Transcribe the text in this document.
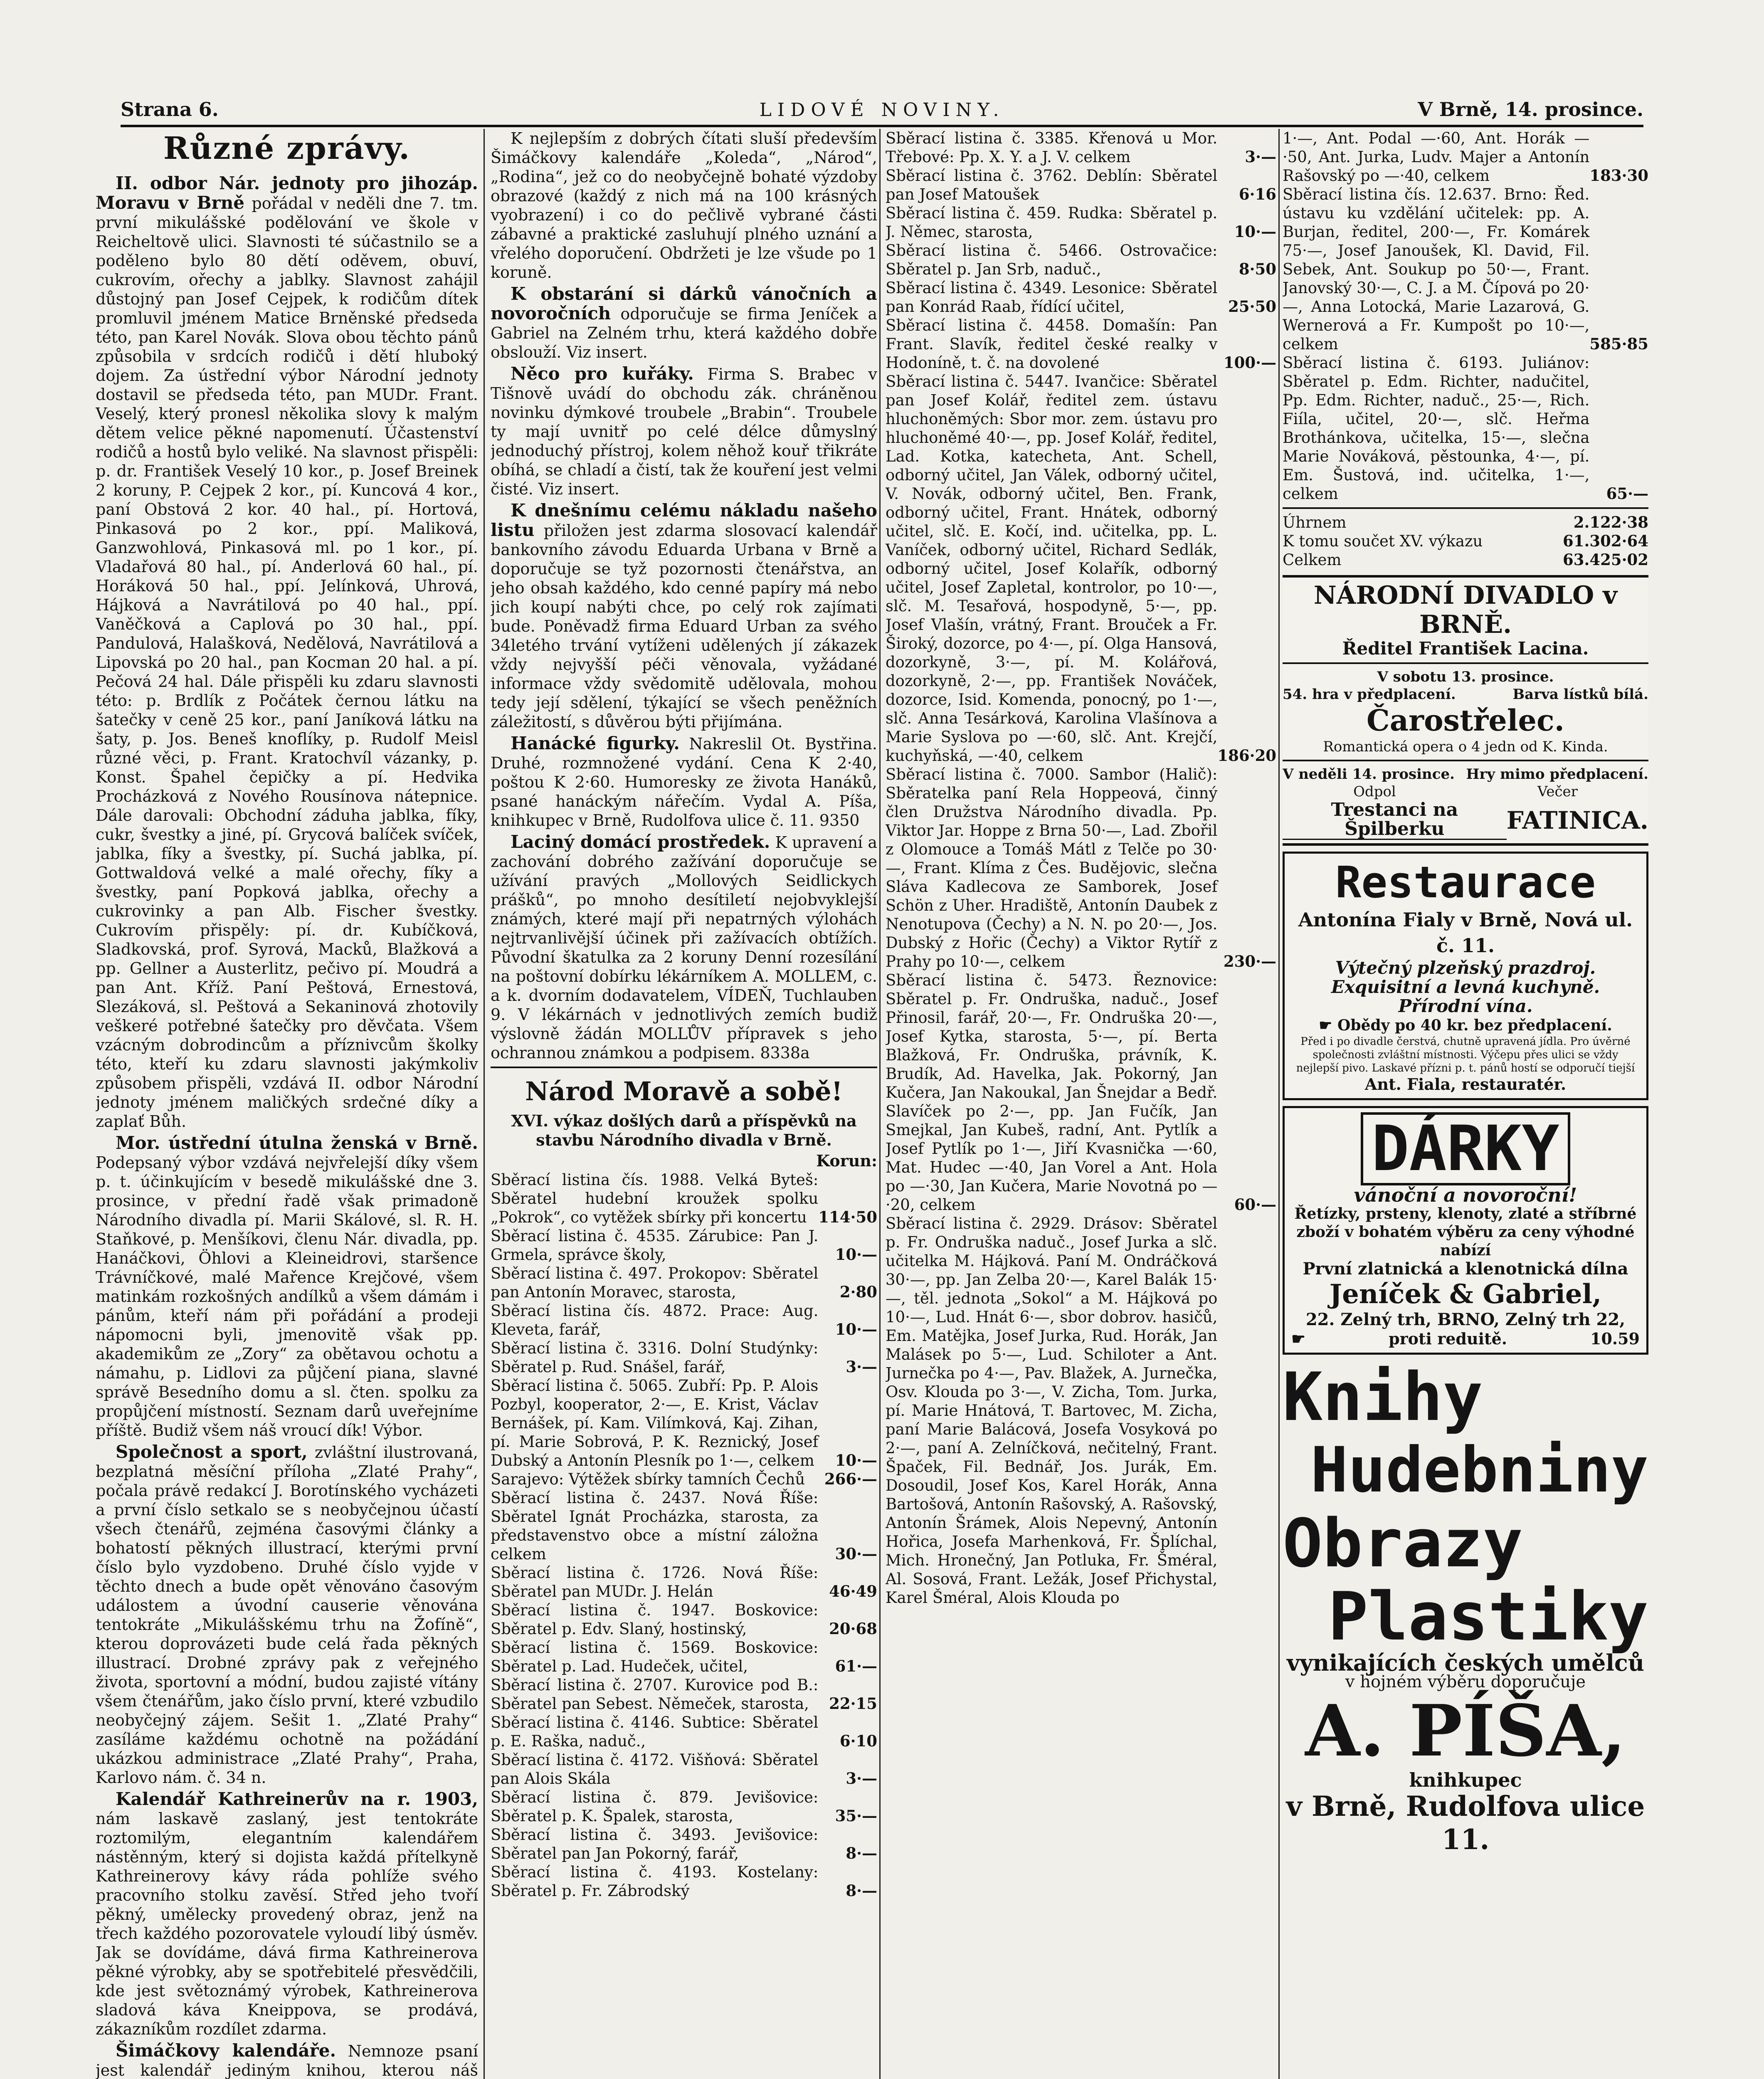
Strana 6.	LIDOVÉ NOVINY.	V Brně, 14. prosince.
Různé zprávy.

II. odbor Nár. jednoty pro jihozáp. Moravu v Brně pořádal v neděli dne 7. tm. první mikulášské podělování ve škole v Reicheltově ulici. Slavnosti té súčastnilo se a podělenо bylo 80 dětí oděvem, obuví, cukrovím, ořechy a jablky. Slavnost zahájil důstojný pan Josef Cejpek, k rodičům dítek promluvil jménem Matice Brněnské předseda této, pan Karel Novák. Slova obou těchto pánů způsobila v srdcích rodičů i dětí hluboký dojem. Za ústřední výbor Národní jednoty dostavil se předseda této, pan MUDr. Frant. Veselý, který pronesl několika slovy k malým dětem velice pěkné napomenutí. Účastenství rodičů a hostů bylo veliké. Na slavnost přispěli: p. dr. František Veselý 10 kor., p. Josef Breinek 2 koruny, P. Cejpek 2 kor., pí. Kuncová 4 kor., paní Obstová 2 kor. 40 hal., pí. Hortová, Pinkasová po 2 kor., ppí. Maliková, Ganzwohlová, Pinkasová ml. po 1 kor., pí. Vladařová 80 hal., pí. Anderlová 60 hal., pí. Horáková 50 hal., ppí. Jelínková, Uhrová, Hájková a Navrátilová po 40 hal., ppí. Vaněčková a Caplová po 30 hal., ppí. Pandulová, Halašková, Nedělová, Navrátilová a Lipovská po 20 hal., pan Kocman 20 hal. a pí. Pečová 24 hal. Dále přispěli ku zdaru slavnosti této: p. Brdlík z Počátek černou látku na šatečky v ceně 25 kor., paní Janíková látku na šaty, p. Jos. Beneš knoflíky, p. Rudolf Meisl různé věci, p. Frant. Kratochvíl vázanky, p. Konst. Špahel čepičky a pí. Hedvika Procházková z Nového Rousínova nátepnice. Dále darovali: Obchodní záduha jablka, fíky, cukr, švestky a jiné, pí. Grycová balíček svíček, jablka, fíky a švestky, pí. Suchá jablka, pí. Gottwaldová velké a malé ořechy, fíky a švestky, paní Popková jablka, ořechy a cukrovinky a pan Alb. Fischer švestky. Cukrovím přispěly: pí. dr. Kubíčková, Sladkovská, prof. Syrová, Macků, Blažková a pp. Gellner a Austerlitz, pečivo pí. Moudrá a pan Ant. Kříž. Paní Peštová, Ernestová, Slezáková, sl. Peštová a Sekaninová zhotovily veškeré potřebné šatečky pro děvčata. Všem vzácným dobrodincům a příznivcům školky této, kteří ku zdaru slavnosti jakýmkoliv způsobem přispěli, vzdává II. odbor Národní jednoty jménem maličkých srdečné díky a zaplať Bůh.

Mor. ústřední útulna ženská v Brně. Podepsaný výbor vzdává nejvřelejší díky všem p. t. účinkujícím v besedě mikulášské dne 3. prosince, v přední řadě však primadoně Národního divadla pí. Marii Skálové, sl. R. H. Staňkové, p. Menšíkovi, členu Nár. divadla, pp. Hanáčkovi, Öhlovi a Kleineidrovi, staršence Trávníčkové, malé Mařence Krejčové, všem matinkám rozkošných andílků a všem dámám i pánům, kteří nám při pořádání a prodeji nápomocni byli, jmenovitě však pp. akademikům ze „Zory“ za obětavou ochotu a námahu, p. Lidlovi za půjčení piana, slavné správě Besedního domu a sl. čten. spolku za propůjčení místností. Seznam darů uveřejníme příště. Budiž všem náš vroucí dík! Výbor.

Společnost a sport, zvláštní ilustrovaná, bezplatná měsíční příloha „Zlaté Prahy“, počala právě redakcí J. Borotínského vycházeti a první číslo setkalo se s neobyčejnou účastí všech čtenářů, zejména časovými články a bohatostí pěkných illustrací, kterými první číslo bylo vyzdobeno. Druhé číslo vyjde v těchto dnech a bude opět věnováno časovým událostem a úvodní causerie věnována tentokráte „Mikulášskému trhu na Žofíně“, kterou doprovázeti bude celá řada pěkných illustrací. Drobné zprávy pak z veřejného života, sportovní a módní, budou zajisté vítány všem čtenářům, jako číslo první, které vzbudilo neobyčejný zájem. Sešit 1. „Zlaté Prahy“ zasíláme každému ochotně na požádání ukázkou administrace „Zlaté Prahy“, Praha, Karlovo nám. č. 34 n.

Kalendář Kathreinerův na r. 1903, nám laskavě zaslaný, jest tentokráte roztomilým, elegantním kalendářem nástěnným, který si dojista každá přítelkyně Kathreinerovy kávy ráda pohlíže svého pracovního stolku zavěsí. Střed jeho tvoří pěkný, umělecky provedený obraz, jenž na třech každého pozorovatele vyloudí libý úsměv. Jak se dovídáme, dává firma Kathreinerova pěkné výrobky, aby se spotřebitelé přesvědčili, kde jest světoznámý výrobek, Kathreinerova sladová káva Kneippova, se prodává, zákazníkům rozdílet zdarma.

Šimáčkovy kalendáře. Nemnoze psaní jest kalendář jediným knihou, kterou náš

K nejlepším z dobrých čítati sluší především Šimáčkovy kalendáře „Koleda“, „Národ“, „Rodina“, jež co do neobyčejně bohaté výzdoby obrazové (každý z nich má na 100 krásných vyobrazení) i co do pečlivě vybrané části zábavné a praktické zasluhují plného uznání a vřelého doporučení. Obdržeti je lze všude po 1 koruně.

K obstarání si dárků vánočních a novoročních odporučuje se firma Jeníček a Gabriel na Zelném trhu, která každého dobře obslouží. Viz insert.

Něco pro kuřáky. Firma S. Brabec v Tišnově uvádí do obchodu zák. chráněnou novinku dýmkové troubele „Brabin“. Troubele ty mají uvnitř po celé délce důmyslný jednoduchý přístroj, kolem něhož kouř třikráte obíhá, se chladí a čistí, tak že kouření jest velmi čisté. Viz insert.

K dnešnímu celému nákladu našeho listu přiložen jest zdarma slosovací kalendář bankovního závodu Eduarda Urbana v Brně a doporučuje se tyž pozornosti čtenářstva, an jeho obsah každého, kdo cenné papíry má nebo jich koupí nabýti chce, po celý rok zajímati bude. Poněvadž firma Eduard Urban za svého 34letého trvání vytíženi udělených jí zákazek vždy nejvyšší péči věnovala, vyžádané informace vždy svědomitě udělovala, mohou tedy její sdělení, týkající se všech peněžních záležitostí, s důvěrou býti přijímána.

Hanácké figurky. Nakreslil Ot. Bystřina. Druhé, rozmnožené vydání. Cena K 2·40, poštou K 2·60. Humoresky ze života Hanáků, psané hanáckým nářečím. Vydal A. Píša, knihkupec v Brně, Rudolfova ulice č. 11. 9350

Laciný domácí prostředek. K upravení a zachování dobrého zažívání doporučuje se užívání pravých „Mollových Seidlickych prášků“, po mnoho desítiletí nejobvyklejší známých, které mají při nepatrných výlohách nejtrvanlivější účinek při zažívacích obtížích. Původní škatulka za 2 koruny Denní rozesílání na poštovní dobírku lékárníkem A. MOLLEM, c. a k. dvorním dodavatelem, VÍDEŇ, Tuchlauben 9. V lékárnách v jednotlivých zemích budiž výslovně žádán MOLLŮV přípravek s jeho ochrannou známkou a podpisem. 8338a

Národ Moravě a sobě!
XVI. výkaz došlých darů a příspěvků na stavbu Národního divadla v Brně.
Korun:
Sběrací listina čís. 1988. Velká Byteš: Sběratel hudební kroužek spolku „Pokrok“, co vytěžek sbírky při koncertu	114·50
Sběrací listina č. 4535. Zárubice: Pan J. Grmela, správce školy,	10·—
Sběrací listina č. 497. Prokopov: Sběratel pan Antonín Moravec, starosta,	2·80
Sběrací listina čís. 4872. Prace: Aug. Kleveta, farář,	10·—
Sběrací listina č. 3316. Dolní Studýnky: Sběratel p. Rud. Snášel, farář,	3·—
Sběrací listina č. 5065. Zubří: Pp. P. Alois Pozbyl, kooperator, 2·—, E. Krist, Václav Bernášek, pí. Kam. Vilímková, Kaj. Zihan, pí. Marie Sobrová, P. K. Reznický, Josef Dubský a Antonín Plesník po 1·—, celkem	10·—
Sarajevo: Výtěžek sbírky tamních Čechů	266·—
Sběrací listina č. 2437. Nová Říše: Sběratel Ignát Procházka, starosta, za představenstvo obce a místní záložna celkem	30·—
Sběrací listina č. 1726. Nová Říše: Sběratel pan MUDr. J. Helán	46·49
Sběrací listina č. 1947. Boskovice: Sběratel p. Edv. Slaný, hostinský,	20·68
Sběrací listina č. 1569. Boskovice: Sběratel p. Lad. Hudeček, učitel,	61·—
Sběrací listina č. 2707. Kurovice pod B.: Sběratel pan Sebest. Němeček, starosta,	22·15
Sběrací listina č. 4146. Subtice: Sběratel p. E. Raška, naduč.,	6·10
Sběrací listina č. 4172. Višňová: Sběratel pan Alois Skála	3·—
Sběrací listina č. 879. Jevišovice: Sběratel p. K. Špalek, starosta,	35·—
Sběrací listina č. 3493. Jevišovice: Sběratel pan Jan Pokorný, farář,	8·—
Sběrací listina č. 4193. Kostelany: Sběratel p. Fr. Zábrodský	8·—
Sběrací listina č. 3385. Křenová u Mor. Třebové: Pp. X. Y. a J. V. celkem	3·—
Sběrací listina č. 3762. Deblín: Sběratel pan Josef Matoušek	6·16
Sběrací listina č. 459. Rudka: Sběratel p. J. Němec, starosta,	10·—
Sběrací listina č. 5466. Ostrovačice: Sběratel p. Jan Srb, naduč.,	8·50
Sběrací listina č. 4349. Lesonice: Sběratel pan Konrád Raab, řídící učitel,	25·50
Sběrací listina č. 4458. Domašín: Pan Frant. Slavík, ředitel české realky v Hodoníně, t. č. na dovolené	100·—
Sběrací listina č. 5447. Ivančice: Sběratel pan Josef Kolář, ředitel zem. ústavu hluchoněmých: Sbor mor. zem. ústavu pro hluchoněmé 40·—, pp. Josef Kolář, ředitel, Lad. Kotka, katecheta, Ant. Schell, odborný učitel, Jan Válek, odborný učitel, V. Novák, odborný učitel, Ben. Frank, odborný učitel, Frant. Hnátek, odborný učitel, slč. E. Kočí, ind. učitelka, pp. L. Vaníček, odborný učitel, Richard Sedlák, odborný učitel, Josef Kolařík, odborný učitel, Josef Zapletal, kontrolor, po 10·—, slč. M. Tesařová, hospodyně, 5·—, pp. Josef Vlašín, vrátný, Frant. Brouček a Fr. Široký, dozorce, po 4·—, pí. Olga Hansová, dozorkyně, 3·—, pí. M. Kolářová, dozorkyně, 2·—, pp. František Nováček, dozorce, Isid. Komenda, ponocný, po 1·—, slč. Anna Tesárková, Karolina Vlašínova a Marie Syslova po —·60, slč. Ant. Krejčí, kuchyňská, —·40, celkem	186·20
Sběrací listina č. 7000. Sambor (Halič): Sběratelka paní Rela Hoppeová, činný člen Družstva Národního divadla. Pp. Viktor Jar. Hoppe z Brna 50·—, Lad. Zbořil z Olomouce a Tomáš Mátl z Telče po 30·—, Frant. Klíma z Čes. Budějovic, slečna Sláva Kadlecova ze Samborek, Josef Schön z Uher. Hradiště, Antonín Daubek z Nenotupova (Čechy) a N. N. po 20·—, Jos. Dubský z Hořic (Čechy) a Viktor Rytíř z Prahy po 10·—, celkem	230·—
Sběrací listina č. 5473. Řeznovice: Sběratel p. Fr. Ondruška, naduč., Josef Přinosil, farář, 20·—, Fr. Ondruška 20·—, Josef Kytka, starosta, 5·—, pí. Berta Blažková, Fr. Ondruška, právník, K. Brudík, Ad. Havelka, Jak. Pokorný, Jan Kučera, Jan Nakoukal, Jan Šnejdar a Bedř. Slavíček po 2·—, pp. Jan Fučík, Jan Smejkal, Jan Kubeš, radní, Ant. Pytlík a Josef Pytlík po 1·—, Jiří Kvasnička —·60, Mat. Hudec —·40, Jan Vorel a Ant. Hola po —·30, Jan Kučera, Marie Novotná po —·20, celkem	60·—
Sběrací listina č. 2929. Drásov: Sběratel p. Fr. Ondruška naduč., Josef Jurka a slč. učitelka M. Hájková. Paní M. Ondráčková 30·—, pp. Jan Zelba 20·—, Karel Balák 15·—, těl. jednota „Sokol“ a M. Hájková po 10·—, Lud. Hnát 6·—, sbor dobrov. hasičů, Em. Matějka, Josef Jurka, Rud. Horák, Jan Malásek po 5·—, Lud. Schiloter a Ant. Jurnečka po 4·—, Pav. Blažek, A. Jurnečka, Osv. Klouda po 3·—, V. Zicha, Tom. Jurka, pí. Marie Hnátová, T. Bartovec, M. Zicha, paní Marie Balácová, Josefa Vosyková po 2·—, paní A. Zelníčková, nečitelný, Frant. Špaček, Fil. Bednář, Jos. Jurák, Em. Dosoudil, Josef Kos, Karel Horák, Anna Bartošová, Antonín Rašovský, A. Rašovský, Antonín Šrámek, Alois Nepevný, Antonín Hořica, Josefa Marhenková, Fr. Šplíchal, Mich. Hronečný, Jan Potluka, Fr. Šméral, Al. Sosová, Frant. Ležák, Josef Přichystal, Karel Šméral, Alois Klouda po	
1·—, Ant. Podal —·60, Ant. Horák —·50, Ant. Jurka, Ludv. Majer a Antonín Rašovský po —·40, celkem	183·30
Sběrací listina čís. 12.637. Brno: Řed. ústavu ku vzdělání učitelek: pp. A. Burjan, ředitel, 200·—, Fr. Komárek 75·—, Josef Janoušek, Kl. David, Fil. Sebek, Ant. Soukup po 50·—, Frant. Janovský 30·—, C. J. a M. Čípová po 20·—, Anna Lotocká, Marie Lazarová, G. Wernerová a Fr. Kumpošt po 10·—, celkem	585·85
Sběrací listina č. 6193. Juliánov: Sběratel p. Edm. Richter, nadučitel, Pp. Edm. Richter, naduč., 25·—, Rich. Fiíla, učitel, 20·—, slč. Heřma Brothánkova, učitelka, 15·—, slečna Marie Nováková, pěstounka, 4·—, pí. Em. Šustová, ind. učitelka, 1·—, celkem	65·—
Úhrnem	2.122·38
K tomu součet XV. výkazu	61.302·64
Celkem	63.425·02
NÁRODNÍ DIVADLO v BRNĚ.
Ředitel František Lacina.
V sobotu 13. prosince.
54. hra v předplacení.	Barva lístků bílá.
Čarostřelec.
Romantická opera o 4 jedn od K. Kinda.
V neděli 14. prosince. Hry mimo předplacení.
Odpol	Večer
Trestanci na Špilberku	FATINICA.
Restaurace
Antonína Fialy v Brně, Nová ul. č. 11.
Výtečný plzeňský prazdroj.
Exquisitní a levná kuchyně.
Přírodní vína.
☛ Obědy po 40 kr. bez předplacení.
Před i po divadle čerstvá, chutně upravená jídla. Pro úvěrné společnosti zvláštní místnosti. Výčepu přes ulici se vždy nejlepší pivo. Laskavé přízni p. t. pánů hostí se odporučí tiejší
Ant. Fiala, restauratér.
DÁRKY
vánoční a novoroční!
Řetízky, prsteny, klenoty, zlaté a stříbrné zboží v bohatém výběru za ceny výhodné nabízí
První zlatnická a klenotnická dílna
Jeníček & Gabriel,
22. Zelný trh, BRNO, Zelný trh 22,
☛	proti reduitě.	10.59
Knihy
Hudebniny
Obrazy
Plastiky
vynikajících českých umělců
v hojném výběru doporučuje
A. PÍŠA,
knihkupec
v Brně, Rudolfova ulice 11.
